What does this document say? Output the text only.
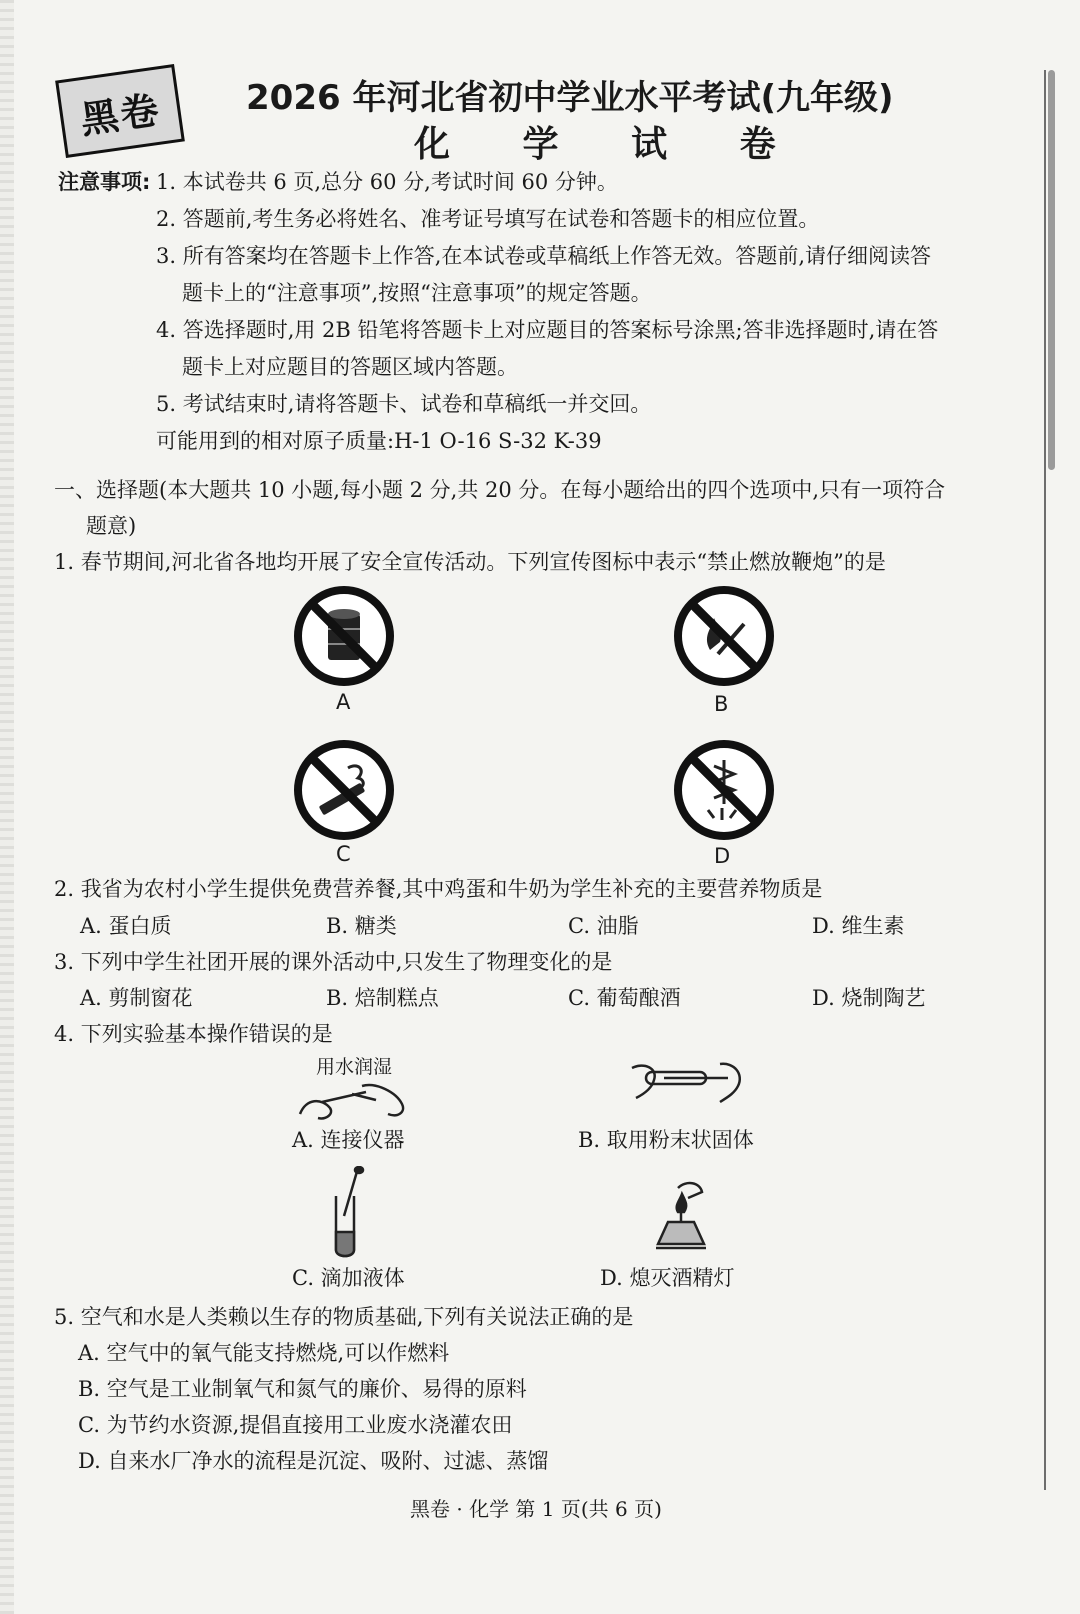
黑卷	2026 年河北省初中学业水平考试(九年级)
化 学 试 卷
注意事项: 1. 本试卷共 6 页,总分 60 分,考试时间 60 分钟。
2. 答题前,考生务必将姓名、准考证号填写在试卷和答题卡的相应位置。
3. 所有答案均在答题卡上作答,在本试卷或草稿纸上作答无效。答题前,请仔细阅读答
题卡上的“注意事项”,按照“注意事项”的规定答题。
4. 答选择题时,用 2B 铅笔将答题卡上对应题目的答案标号涂黑;答非选择题时,请在答
题卡上对应题目的答题区域内答题。
5. 考试结束时,请将答题卡、试卷和草稿纸一并交回。
可能用到的相对原子质量:H-1 O-16 S-32 K-39
一、选择题(本大题共 10 小题,每小题 2 分,共 20 分。在每小题给出的四个选项中,只有一项符合
题意)
1. 春节期间,河北省各地均开展了安全宣传活动。下列宣传图标中表示“禁止燃放鞭炮”的是
A	B
C	D
2. 我省为农村小学生提供免费营养餐,其中鸡蛋和牛奶为学生补充的主要营养物质是
A. 蛋白质	B. 糖类	C. 油脂	D. 维生素
3. 下列中学生社团开展的课外活动中,只发生了物理变化的是
A. 剪制窗花	B. 焙制糕点	C. 葡萄酿酒	D. 烧制陶艺
4. 下列实验基本操作错误的是
用水润湿
A. 连接仪器	B. 取用粉末状固体
C. 滴加液体	D. 熄灭酒精灯
5. 空气和水是人类赖以生存的物质基础,下列有关说法正确的是
A. 空气中的氧气能支持燃烧,可以作燃料
B. 空气是工业制氧气和氮气的廉价、易得的原料
C. 为节约水资源,提倡直接用工业废水浇灌农田
D. 自来水厂净水的流程是沉淀、吸附、过滤、蒸馏
黑卷 · 化学 第 1 页(共 6 页)
